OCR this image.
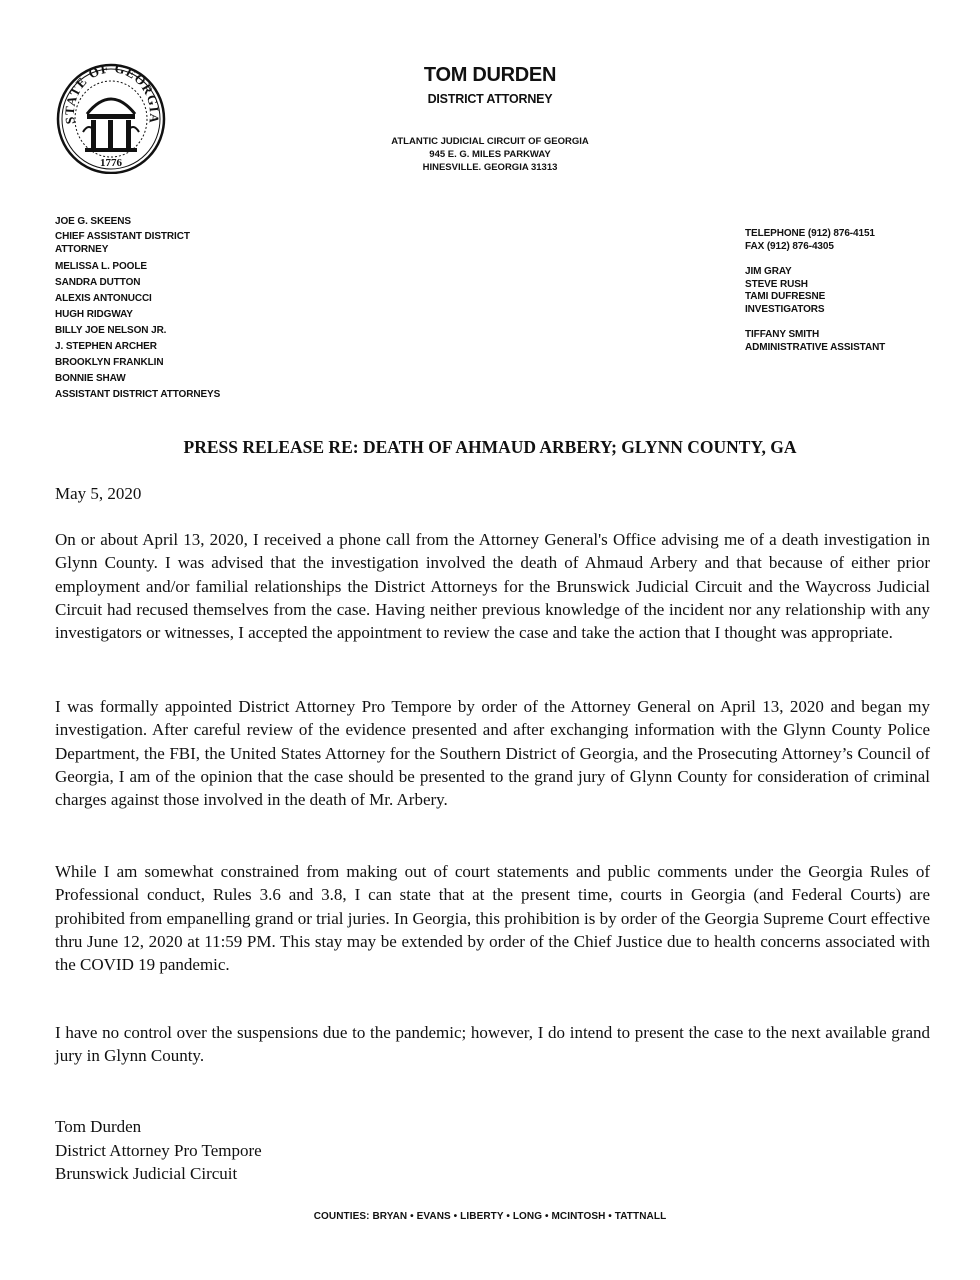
STATE OF GEORGIA
1776
TOM DURDEN
DISTRICT ATTORNEY
ATLANTIC JUDICIAL CIRCUIT OF GEORGIA
945 E. G. MILES PARKWAY
HINESVILLE. GEORGIA 31313
JOE G. SKEENS
CHIEF ASSISTANT DISTRICT ATTORNEY
MELISSA L. POOLE
SANDRA DUTTON
ALEXIS ANTONUCCI
HUGH RIDGWAY
BILLY JOE NELSON JR.
J. STEPHEN ARCHER
BROOKLYN FRANKLIN
BONNIE SHAW
ASSISTANT DISTRICT ATTORNEYS
TELEPHONE (912) 876-4151
FAX (912) 876-4305
JIM GRAY
STEVE RUSH
TAMI DUFRESNE
INVESTIGATORS
TIFFANY SMITH
ADMINISTRATIVE ASSISTANT
PRESS RELEASE RE: DEATH OF AHMAUD ARBERY; GLYNN COUNTY, GA
May 5, 2020
On or about April 13, 2020, I received a phone call from the Attorney General's Office advising me of a death investigation in Glynn County. I was advised that the investigation involved the death of Ahmaud Arbery and that because of either prior employment and/or familial relationships the District Attorneys for the Brunswick Judicial Circuit and the Waycross Judicial Circuit had recused themselves from the case. Having neither previous knowledge of the incident nor any relationship with any investigators or witnesses, I accepted the appointment to review the case and take the action that I thought was appropriate.
I was formally appointed District Attorney Pro Tempore by order of the Attorney General on April 13, 2020 and began my investigation. After careful review of the evidence presented and after exchanging information with the Glynn County Police Department, the FBI, the United States Attorney for the Southern District of Georgia, and the Prosecuting Attorney’s Council of Georgia, I am of the opinion that the case should be presented to the grand jury of Glynn County for consideration of criminal charges against those involved in the death of Mr. Arbery.
While I am somewhat constrained from making out of court statements and public comments under the Georgia Rules of Professional conduct, Rules 3.6 and 3.8, I can state that at the present time, courts in Georgia (and Federal Courts) are prohibited from empanelling grand or trial juries. In Georgia, this prohibition is by order of the Georgia Supreme Court effective thru June 12, 2020 at 11:59 PM. This stay may be extended by order of the Chief Justice due to health concerns associated with the COVID 19 pandemic.
I have no control over the suspensions due to the pandemic; however, I do intend to present the case to the next available grand jury in Glynn County.
Tom Durden
District Attorney Pro Tempore
Brunswick Judicial Circuit
COUNTIES: BRYAN • EVANS • LIBERTY • LONG • MCINTOSH • TATTNALL
